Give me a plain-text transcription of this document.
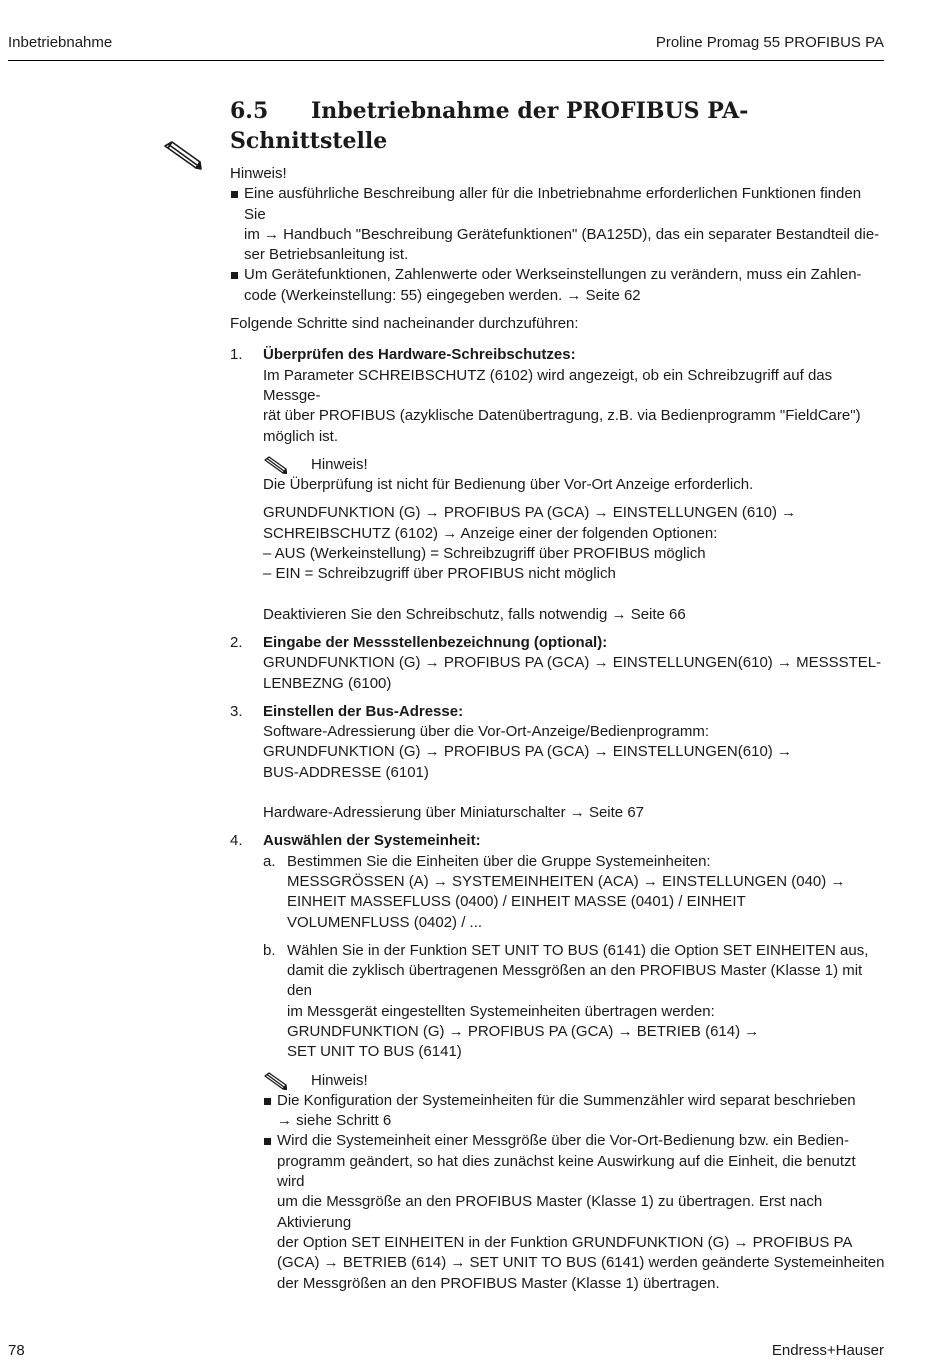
Inbetriebnahme	Proline Promag 55 PROFIBUS PA
6.5 Inbetriebnahme der PROFIBUS PA-Schnittstelle
Hinweis!
Eine ausführliche Beschreibung aller für die Inbetriebnahme erforderlichen Funktionen finden Sie
im → Handbuch "Beschreibung Gerätefunktionen" (BA125D), das ein separater Bestandteil die-
ser Betriebsanleitung ist.
Um Gerätefunktionen, Zahlenwerte oder Werkseinstellungen zu verändern, muss ein Zahlen-
code (Werkeinstellung: 55) eingegeben werden. → Seite 62
Folgende Schritte sind nacheinander durchzuführen:
1. Überprüfen des Hardware-Schreibschutzes:
Im Parameter SCHREIBSCHUTZ (6102) wird angezeigt, ob ein Schreibzugriff auf das Messge-
rät über PROFIBUS (azyklische Datenübertragung, z.B. via Bedienprogramm "FieldCare")
möglich ist.
Hinweis!
Die Überprüfung ist nicht für Bedienung über Vor-Ort Anzeige erforderlich.
GRUNDFUNKTION (G) → PROFIBUS PA (GCA) → EINSTELLUNGEN (610) →
SCHREIBSCHUTZ (6102) → Anzeige einer der folgenden Optionen:
– AUS (Werkeinstellung) = Schreibzugriff über PROFIBUS möglich
– EIN = Schreibzugriff über PROFIBUS nicht möglich
Deaktivieren Sie den Schreibschutz, falls notwendig → Seite 66
2. Eingabe der Messstellenbezeichnung (optional):
GRUNDFUNKTION (G) → PROFIBUS PA (GCA) → EINSTELLUNGEN(610) → MESSSTEL-
LENBEZNG (6100)
3. Einstellen der Bus-Adresse:
Software-Adressierung über die Vor-Ort-Anzeige/Bedienprogramm:
GRUNDFUNKTION (G) → PROFIBUS PA (GCA) → EINSTELLUNGEN(610) →
BUS-ADDRESSE (6101)
Hardware-Adressierung über Miniaturschalter → Seite 67
4. Auswählen der Systemeinheit:
a. Bestimmen Sie die Einheiten über die Gruppe Systemeinheiten:
MESSGRÖSSEN (A) → SYSTEMEINHEITEN (ACA) → EINSTELLUNGEN (040) →
EINHEIT MASSEFLUSS (0400) / EINHEIT MASSE (0401) / EINHEIT
VOLUMENFLUSS (0402) / ...
b. Wählen Sie in der Funktion SET UNIT TO BUS (6141) die Option SET EINHEITEN aus,
damit die zyklisch übertragenen Messgrößen an den PROFIBUS Master (Klasse 1) mit den
im Messgerät eingestellten Systemeinheiten übertragen werden:
GRUNDFUNKTION (G) → PROFIBUS PA (GCA) → BETRIEB (614) →
SET UNIT TO BUS (6141)
Hinweis!
Die Konfiguration der Systemeinheiten für die Summenzähler wird separat beschrieben
→ siehe Schritt 6
Wird die Systemeinheit einer Messgröße über die Vor-Ort-Bedienung bzw. ein Bedien-
programm geändert, so hat dies zunächst keine Auswirkung auf die Einheit, die benutzt wird
um die Messgröße an den PROFIBUS Master (Klasse 1) zu übertragen. Erst nach Aktivierung
der Option SET EINHEITEN in der Funktion GRUNDFUNKTION (G) → PROFIBUS PA
(GCA) → BETRIEB (614) → SET UNIT TO BUS (6141) werden geänderte Systemeinheiten
der Messgrößen an den PROFIBUS Master (Klasse 1) übertragen.
78	Endress+Hauser
